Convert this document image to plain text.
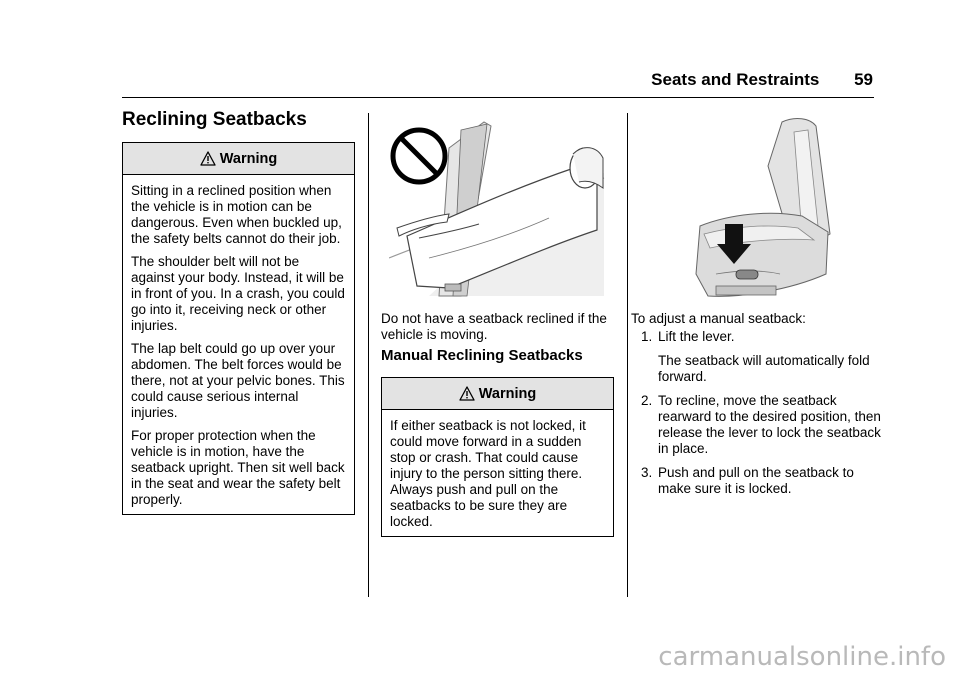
Seats and Restraints 59
Reclining Seatbacks
Warning

Sitting in a reclined position when the vehicle is in motion can be dangerous. Even when buckled up, the safety belts cannot do their job.

The shoulder belt will not be against your body. Instead, it will be in front of you. In a crash, you could go into it, receiving neck or other injuries.

The lap belt could go up over your abdomen. The belt forces would be there, not at your pelvic bones. This could cause serious internal injuries.

For proper protection when the vehicle is in motion, have the seatback upright. Then sit well back in the seat and wear the safety belt properly.

Do not have a seatback reclined if the vehicle is moving.

Manual Reclining Seatbacks
Warning

If either seatback is not locked, it could move forward in a sudden stop or crash. That could cause injury to the person sitting there. Always push and pull on the seatbacks to be sure they are locked.

To adjust a manual seatback:

1. Lift the lever.
The seatback will automatically fold forward.
2. To recline, move the seatback rearward to the desired position, then release the lever to lock the seatback in place.
3. Push and pull on the seatback to make sure it is locked.
carmanualsonline.info
